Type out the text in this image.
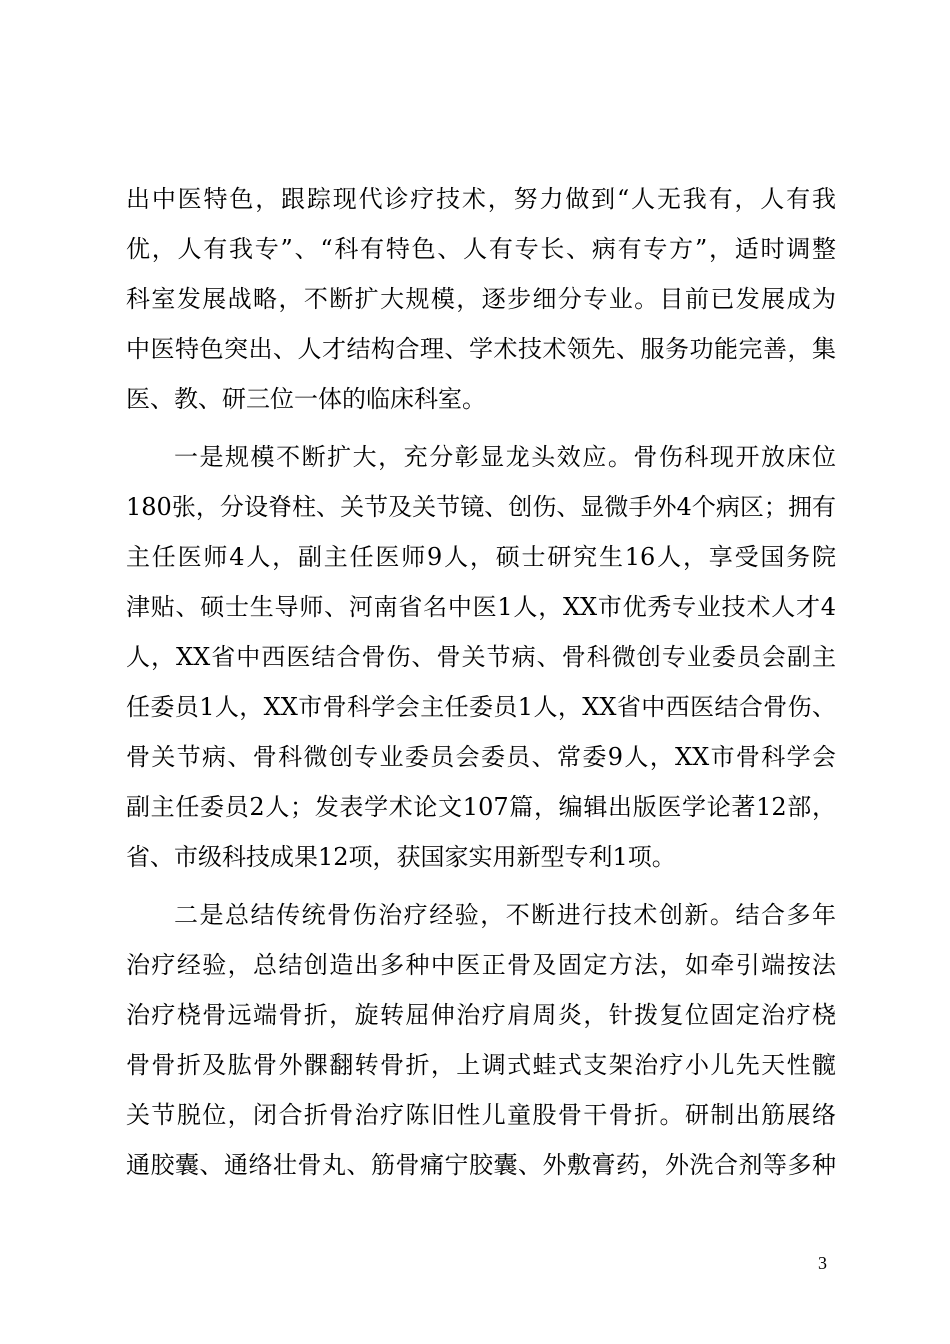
出中医特色，跟踪现代诊疗技术，努力做到“人无我有，人有我
优，人有我专”、“科有特色、人有专长、病有专方”，适时调整
科室发展战略，不断扩大规模，逐步细分专业。目前已发展成为
中医特色突出、人才结构合理、学术技术领先、服务功能完善，集
医、教、研三位一体的临床科室。
一是规模不断扩大，充分彰显龙头效应。骨伤科现开放床位
180张，分设脊柱、关节及关节镜、创伤、显微手外4个病区；拥有
主任医师4人，副主任医师9人，硕士研究生16人，享受国务院
津贴、硕士生导师、河南省名中医1人，XX市优秀专业技术人才4
人，XX省中西医结合骨伤、骨关节病、骨科微创专业委员会副主
任委员1人，XX市骨科学会主任委员1人，XX省中西医结合骨伤、
骨关节病、骨科微创专业委员会委员、常委9人，XX市骨科学会
副主任委员2人；发表学术论文107篇，编辑出版医学论著12部，
省、市级科技成果12项，获国家实用新型专利1项。
二是总结传统骨伤治疗经验，不断进行技术创新。结合多年
治疗经验，总结创造出多种中医正骨及固定方法，如牵引端按法
治疗桡骨远端骨折，旋转屈伸治疗肩周炎，针拨复位固定治疗桡
骨骨折及肱骨外髁翻转骨折，上调式蛙式支架治疗小儿先天性髋
关节脱位，闭合折骨治疗陈旧性儿童股骨干骨折。研制出筋展络
通胶囊、通络壮骨丸、筋骨痛宁胶囊、外敷膏药，外洗合剂等多种
3
